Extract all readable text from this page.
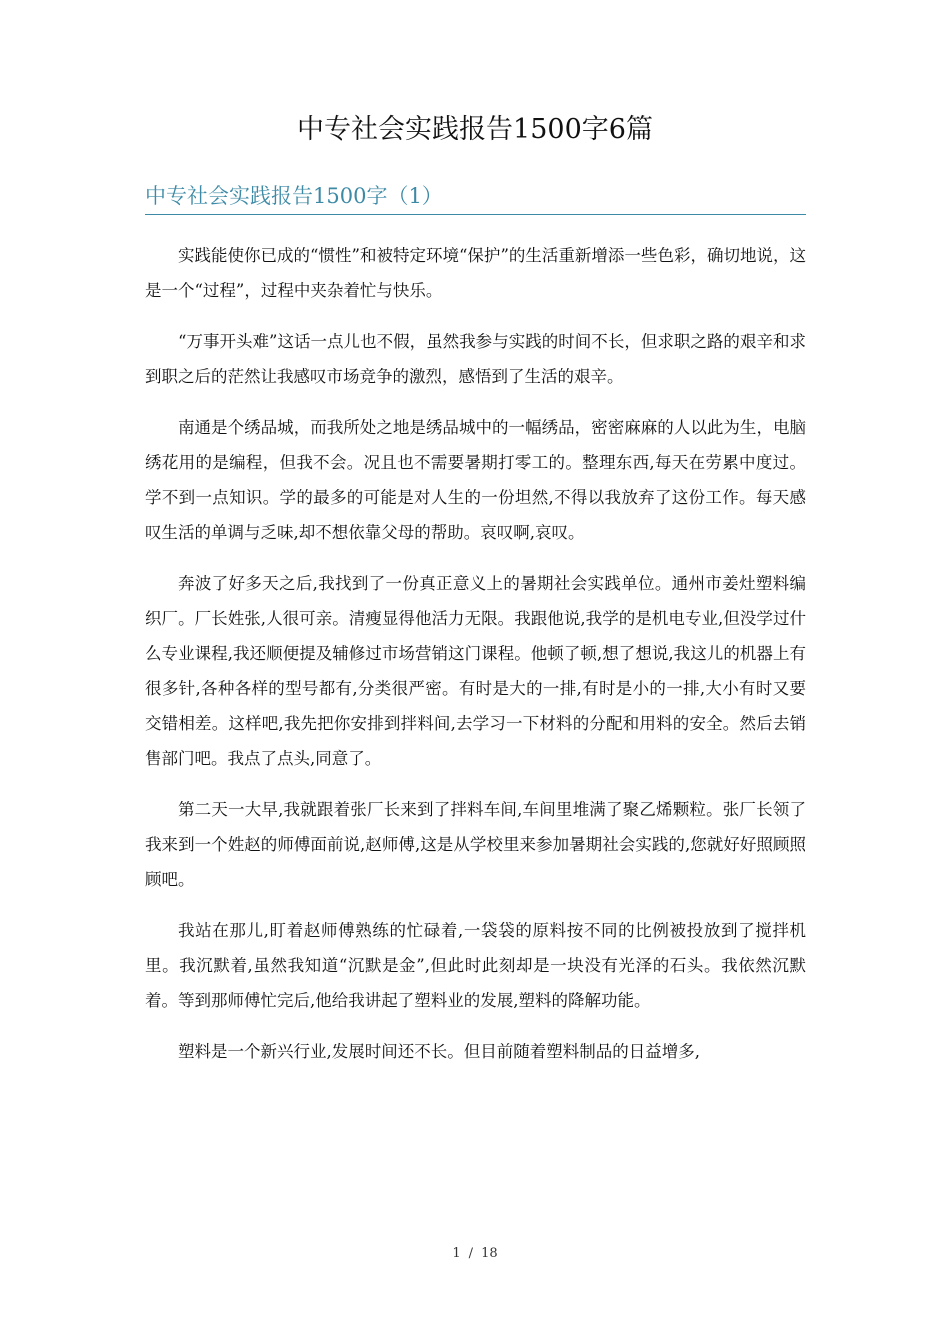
中专社会实践报告1500字6篇
中专社会实践报告1500字（1）

实践能使你已成的“惯性”和被特定环境“保护”的生活重新增添一些色彩，确切地说，这是一个“过程”，过程中夹杂着忙与快乐。

“万事开头难”这话一点儿也不假，虽然我参与实践的时间不长，但求职之路的艰辛和求到职之后的茫然让我感叹市场竞争的激烈，感悟到了生活的艰辛。

南通是个绣品城，而我所处之地是绣品城中的一幅绣品，密密麻麻的人以此为生，电脑绣花用的是编程，但我不会。况且也不需要暑期打零工的。整理东西,每天在劳累中度过。学不到一点知识。学的最多的可能是对人生的一份坦然,不得以我放弃了这份工作。每天感叹生活的单调与乏味,却不想依靠父母的帮助。哀叹啊,哀叹。

奔波了好多天之后,我找到了一份真正意义上的暑期社会实践单位。通州市姜灶塑料编织厂。厂长姓张,人很可亲。清瘦显得他活力无限。我跟他说,我学的是机电专业,但没学过什么专业课程,我还顺便提及辅修过市场营销这门课程。他顿了顿,想了想说,我这儿的机器上有很多针,各种各样的型号都有,分类很严密。有时是大的一排,有时是小的一排,大小有时又要交错相差。这样吧,我先把你安排到拌料间,去学习一下材料的分配和用料的安全。然后去销售部门吧。我点了点头,同意了。

第二天一大早,我就跟着张厂长来到了拌料车间,车间里堆满了聚乙烯颗粒。张厂长领了我来到一个姓赵的师傅面前说,赵师傅,这是从学校里来参加暑期社会实践的,您就好好照顾照顾吧。

我站在那儿,盯着赵师傅熟练的忙碌着,一袋袋的原料按不同的比例被投放到了搅拌机里。我沉默着,虽然我知道“沉默是金”,但此时此刻却是一块没有光泽的石头。我依然沉默着。等到那师傅忙完后,他给我讲起了塑料业的发展,塑料的降解功能。

塑料是一个新兴行业,发展时间还不长。但目前随着塑料制品的日益增多,

1 / 18
